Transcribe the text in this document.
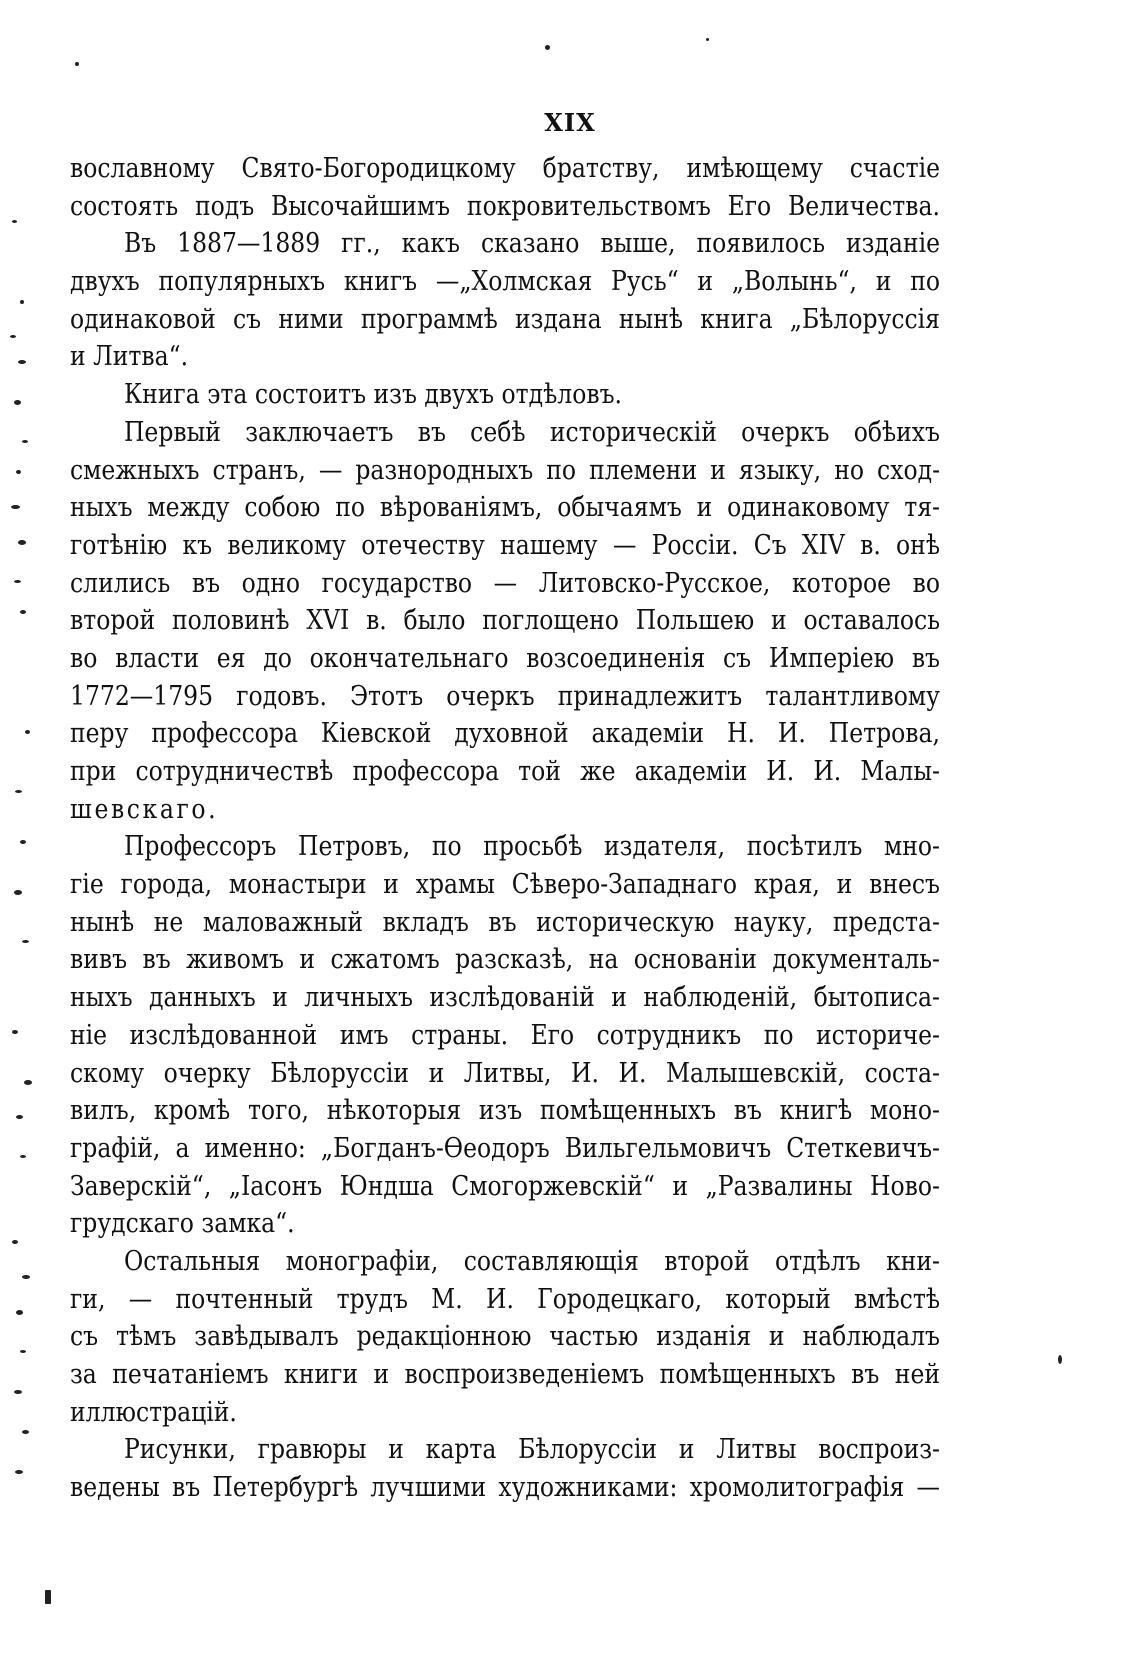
XIX
вославному Свято-Богородицкому братству, имѣющему счастіе
состоять подъ Высочайшимъ покровительствомъ Его Величества.
Въ 1887—1889 гг., какъ сказано выше, появилось изданіе
двухъ популярныхъ книгъ —„Холмская Русь“ и „Волынь“, и по
одинаковой съ ними программѣ издана нынѣ книга „Бѣлоруссія
и Литва“.
Книга эта состоитъ изъ двухъ отдѣловъ.
Первый заключаетъ въ себѣ историческій очеркъ обѣихъ
смежныхъ странъ, — разнородныхъ по племени и языку, но сход-
ныхъ между собою по вѣрованіямъ, обычаямъ и одинаковому тя-
готѣнію къ великому отечеству нашему — Россіи. Съ XIV в. онѣ
слились въ одно государство — Литовско-Русское, которое во
второй половинѣ XVI в. было поглощено Польшею и оставалось
во власти ея до окончательнаго возсоединенія съ Имперіею въ
1772—1795 годовъ. Этотъ очеркъ принадлежитъ талантливому
перу профессора Кіевской духовной академіи Н. И. Петрова,
при сотрудничествѣ профессора той же академіи И. И. Малы-
шевскаго.
Профессоръ Петровъ, по просьбѣ издателя, посѣтилъ мно-
гіе города, монастыри и храмы Сѣверо-Западнаго края, и внесъ
нынѣ не маловажный вкладъ въ историческую науку, предста-
вивъ въ живомъ и сжатомъ разсказѣ, на основаніи документаль-
ныхъ данныхъ и личныхъ изслѣдованій и наблюденій, бытописа-
ніе изслѣдованной имъ страны. Его сотрудникъ по историче-
скому очерку Бѣлоруссіи и Литвы, И. И. Малышевскій, соста-
вилъ, кромѣ того, нѣкоторыя изъ помѣщенныхъ въ книгѣ моно-
графій, а именно: „Богданъ-Ѳеодоръ Вильгельмовичъ Стеткевичъ-
Заверскій“, „Іасонъ Юндша Смогоржевскій“ и „Развалины Ново-
грудскаго замка“.
Остальныя монографіи, составляющія второй отдѣлъ кни-
ги, — почтенный трудъ М. И. Городецкаго, который вмѣстѣ
съ тѣмъ завѣдывалъ редакціонною частью изданія и наблюдалъ
за печатаніемъ книги и воспроизведеніемъ помѣщенныхъ въ ней
иллюстрацій.
Рисунки, гравюры и карта Бѣлоруссіи и Литвы воспроиз-
ведены въ Петербургѣ лучшими художниками: хромолитографія —
